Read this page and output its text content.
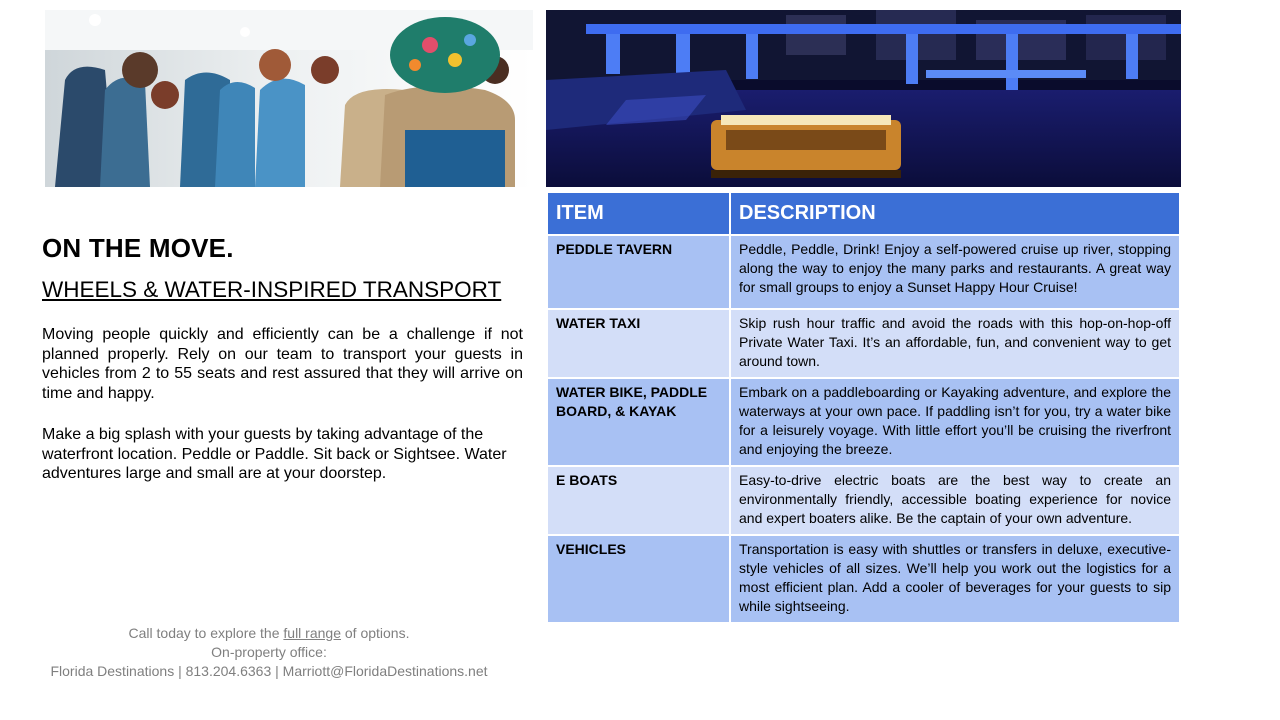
ON THE MOVE.
WHEELS & WATER-INSPIRED TRANSPORT
Moving people quickly and efficiently can be a challenge if not planned properly. Rely on our team to transport your guests in vehicles from 2 to 55 seats and rest assured that they will arrive on time and happy.
Make a big splash with your guests by taking advantage of the waterfront location. Peddle or Paddle. Sit back or Sightsee. Water adventures large and small are at your doorstep.
ITEM	DESCRIPTION
PEDDLE TAVERN	Peddle, Peddle, Drink! Enjoy a self-powered cruise up river, stopping along the way to enjoy the many parks and restaurants. A great way for small groups to enjoy a Sunset Happy Hour Cruise!
WATER TAXI	Skip rush hour traffic and avoid the roads with this hop-on-hop-off Private Water Taxi. It’s an affordable, fun, and convenient way to get around town.
WATER BIKE, PADDLE BOARD, & KAYAK	Embark on a paddleboarding or Kayaking adventure, and explore the waterways at your own pace. If paddling isn’t for you, try a water bike for a leisurely voyage. With little effort you’ll be cruising the riverfront and enjoying the breeze.
E BOATS	Easy-to-drive electric boats are the best way to create an environmentally friendly, accessible boating experience for novice and expert boaters alike. Be the captain of your own adventure.
VEHICLES	Transportation is easy with shuttles or transfers in deluxe, executive-style vehicles of all sizes. We’ll help you work out the logistics for a most efficient plan. Add a cooler of beverages for your guests to sip while sightseeing.
Call today to explore the full range of options.
On-property office:
Florida Destinations | 813.204.6363 | Marriott@FloridaDestinations.net
